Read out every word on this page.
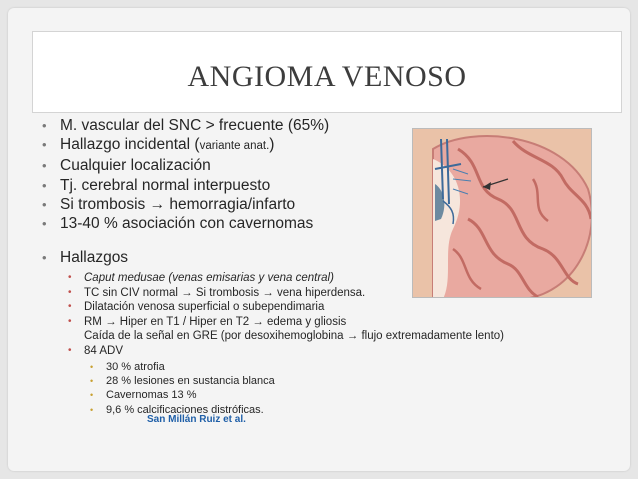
ANGIOMA VENOSO
• M. vascular del SNC > frecuente (65%)
• Hallazgo incidental (variante anat.)
• Cualquier localización
• Tj. cerebral normal interpuesto
• Si trombosis → hemorragia/infarto
• 13-40 % asociación con cavernomas
• Hallazgos
• Caput medusae (venas emisarias y vena central)
• TC sin CIV normal → Si trombosis → vena hiperdensa.
• Dilatación venosa superficial o subependimaria
• RM → Hiper en T1 / Hiper en T2 → edema y gliosis
Caída de la señal en GRE (por desoxihemoglobina → flujo extremadamente lento)
• 84 ADV
• 30 % atrofia
• 28 % lesiones en sustancia blanca
• Cavernomas 13 %
• 9,6 % calcificaciones distróficas.
San Millán Ruiz et al.
